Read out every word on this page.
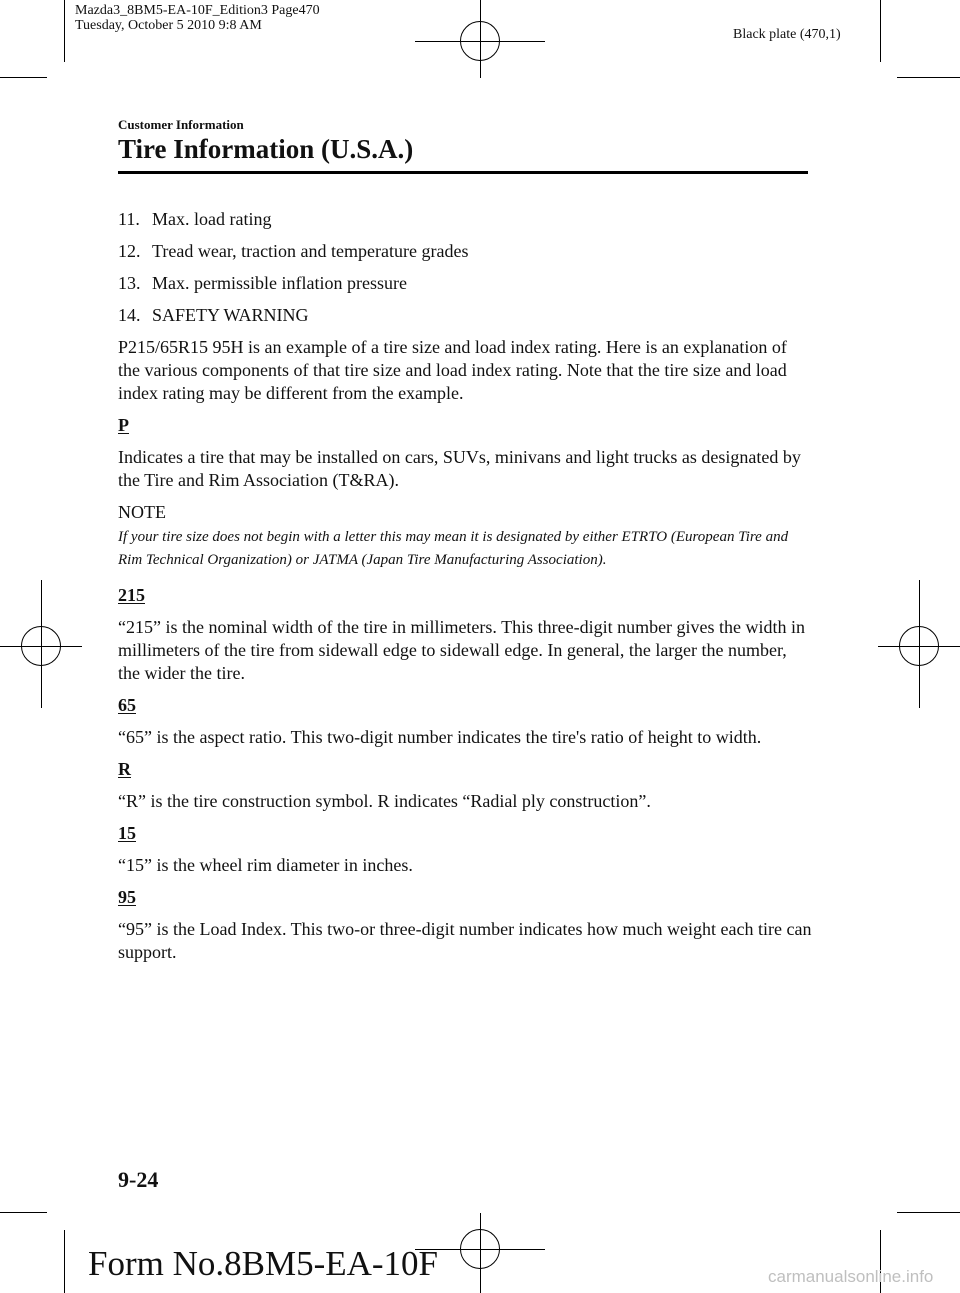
Mazda3_8BM5-EA-10F_Edition3 Page470
Tuesday, October 5 2010 9:8 AM
Black plate (470,1)
Customer Information
Tire Information (U.S.A.)

11. Max. load rating

12. Tread wear, traction and temperature grades

13. Max. permissible inflation pressure

14. SAFETY WARNING

P215/65R15 95H is an example of a tire size and load index rating. Here is an explanation of the various components of that tire size and load index rating. Note that the tire size and load index rating may be different from the example.

P

Indicates a tire that may be installed on cars, SUVs, minivans and light trucks as designated by the Tire and Rim Association (T&RA).

NOTE

If your tire size does not begin with a letter this may mean it is designated by either ETRTO (European Tire and Rim Technical Organization) or JATMA (Japan Tire Manufacturing Association).

215

“215” is the nominal width of the tire in millimeters. This three-digit number gives the width in millimeters of the tire from sidewall edge to sidewall edge. In general, the larger the number, the wider the tire.

65

“65” is the aspect ratio. This two-digit number indicates the tire's ratio of height to width.

R

“R” is the tire construction symbol. R indicates “Radial ply construction”.

15

“15” is the wheel rim diameter in inches.

95

“95” is the Load Index. This two-or three-digit number indicates how much weight each tire can support.

9-24
Form No.8BM5-EA-10F	carmanualsonline.info
